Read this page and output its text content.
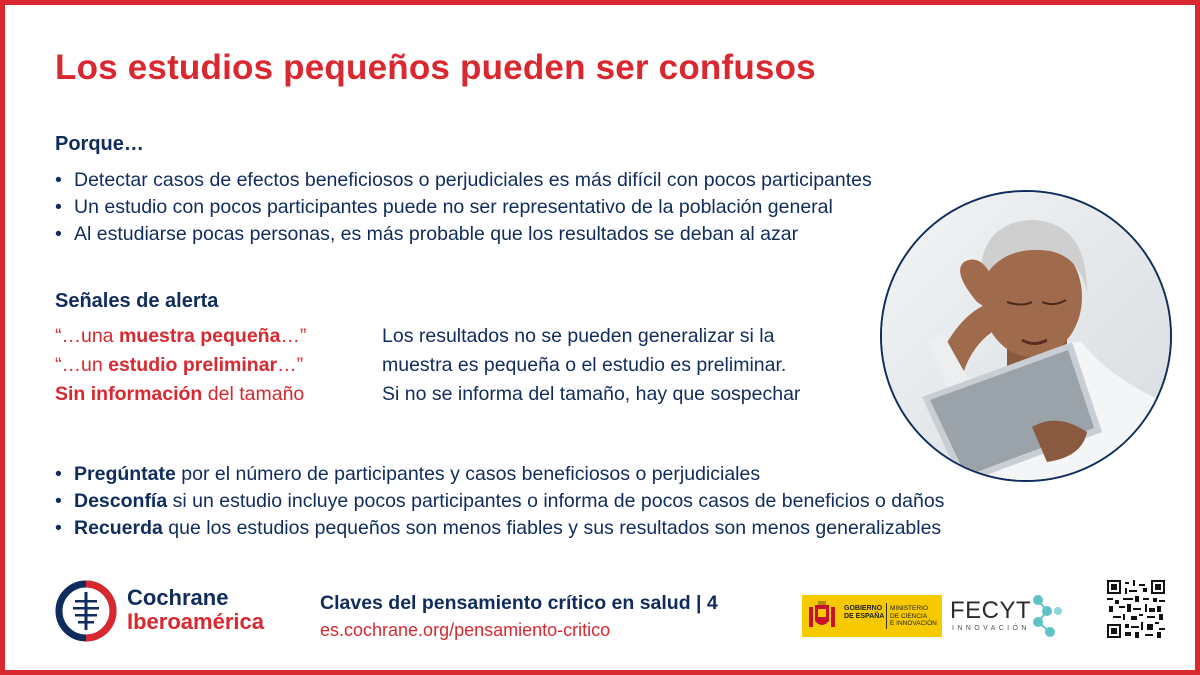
Los estudios pequeños pueden ser confusos
Porque…
• Detectar casos de efectos beneficiosos o perjudiciales es más difícil con pocos participantes
• Un estudio con pocos participantes puede no ser representativo de la población general
• Al estudiarse pocas personas, es más probable que los resultados se deban al azar
Señales de alerta
“…una muestra pequeña…”
“…un estudio preliminar…”
Sin información del tamaño
Los resultados no se pueden generalizar si la
muestra es pequeña o el estudio es preliminar.
Si no se informa del tamaño, hay que sospechar
• Pregúntate por el número de participantes y casos beneficiosos o perjudiciales
• Desconfía si un estudio incluye pocos participantes o informa de pocos casos de beneficios o daños
• Recuerda que los estudios pequeños son menos fiables y sus resultados son menos generalizables
Cochrane
Iberoamérica
Claves del pensamiento crítico en salud | 4
es.cochrane.org/pensamiento-critico
GOBIERNO
DE ESPAÑA
MINISTERIO
DE CIENCIA
E INNOVACIÓN FECYT
INNOVACIÓN
